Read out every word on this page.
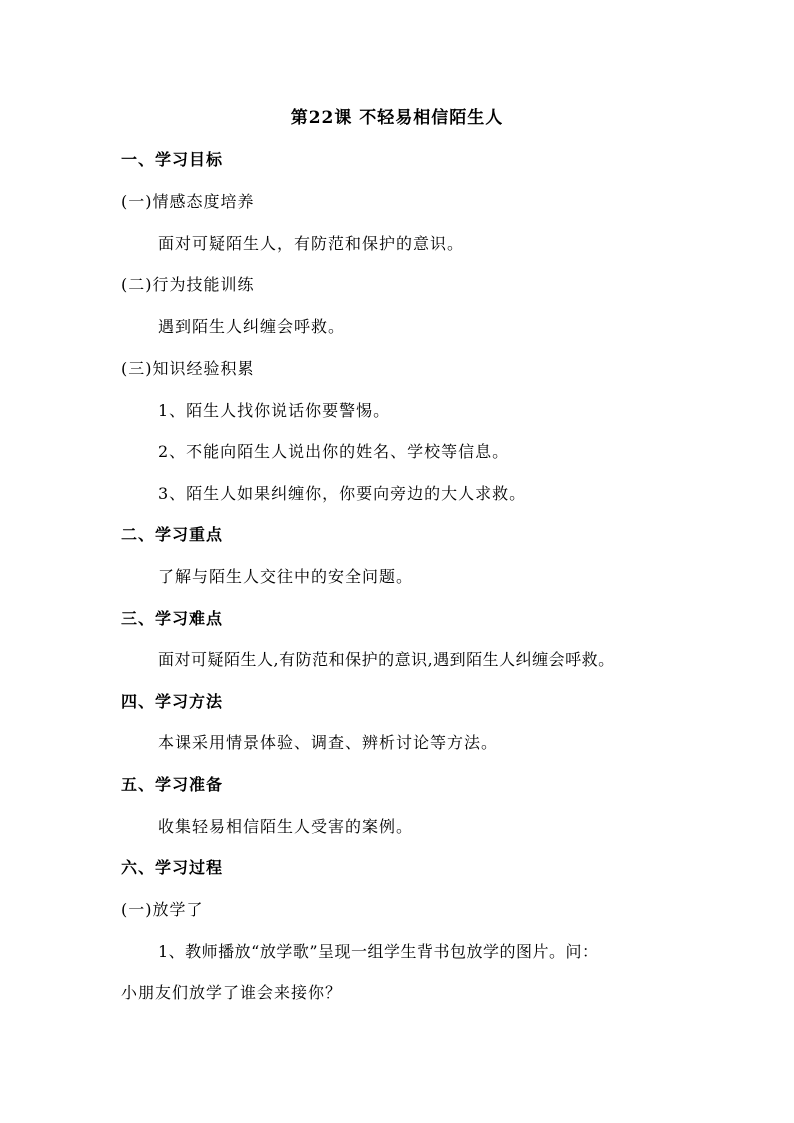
第22课 不轻易相信陌生人
一、学习目标
(一)情感态度培养
面对可疑陌生人，有防范和保护的意识。
(二)行为技能训练
遇到陌生人纠缠会呼救。
(三)知识经验积累
1、陌生人找你说话你要警惕。
2、不能向陌生人说出你的姓名、学校等信息。
3、陌生人如果纠缠你，你要向旁边的大人求救。
二、学习重点
了解与陌生人交往中的安全问题。
三、学习难点
面对可疑陌生人,有防范和保护的意识,遇到陌生人纠缠会呼救。
四、学习方法
本课采用情景体验、调查、辨析讨论等方法。
五、学习准备
收集轻易相信陌生人受害的案例。
六、学习过程
(一)放学了
1、教师播放“放学歌”呈现一组学生背书包放学的图片。问：
小朋友们放学了谁会来接你？
